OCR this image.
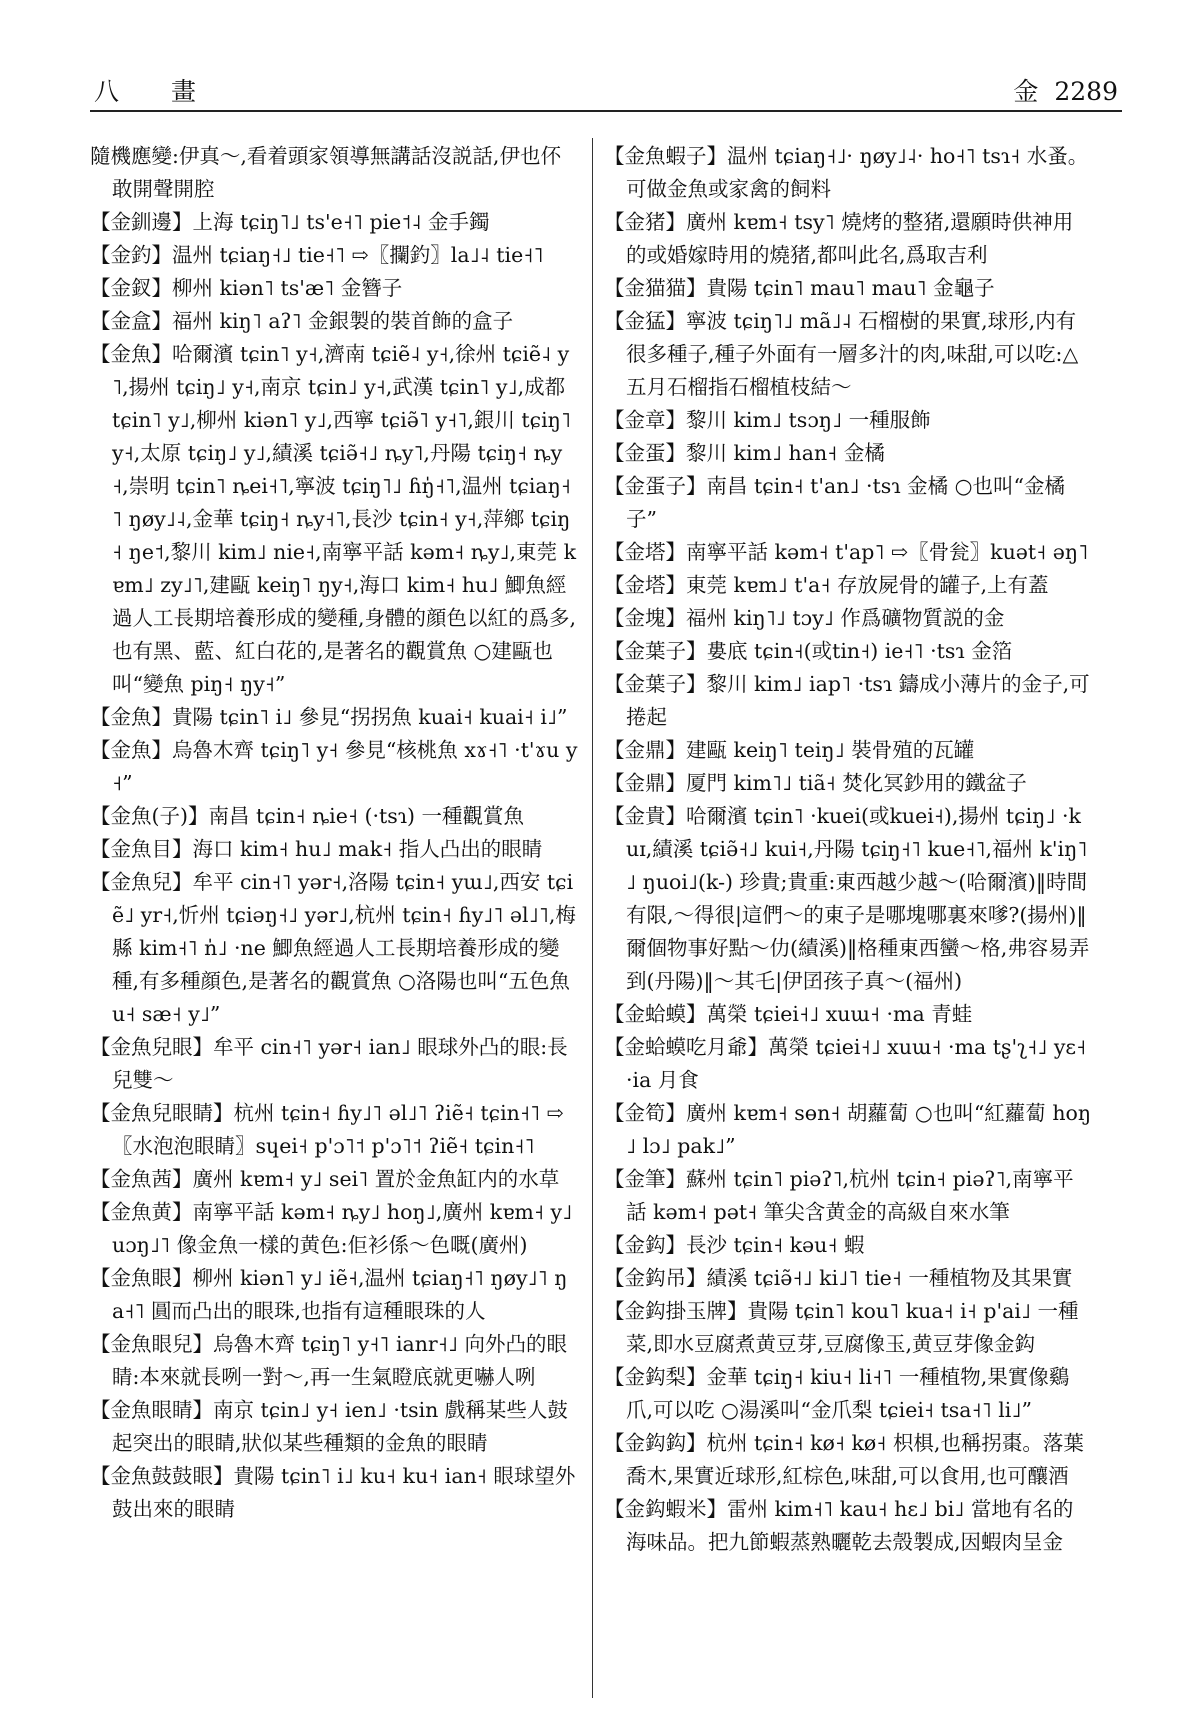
八 畫	金 2289

隨機應變:伊真～,看着頭家領導無講話沒説話,伊也伓敢開聲開腔

【金釧邊】上海 tɕiŋ˥˩ ts'e˧˥ pie˦˨ 金手鐲

【金釣】温州 tɕiaŋ˧˩ tie˧˥ ⇨〖攔釣〗la˩˨ tie˧˥

【金釵】柳州 kiən˥ ts'æ˥ 金簪子

【金盒】福州 kiŋ˥ aʔ˥ 金銀製的裝首飾的盒子

【金魚】哈爾濱 tɕin˥ y˧,濟南 tɕiẽ˨ y˧,徐州 tɕiẽ˨ y˥,揚州 tɕiŋ˩ y˧,南京 tɕin˩ y˧,武漢 tɕin˥ y˩,成都 tɕin˥ y˩,柳州 kiən˥ y˩,西寧 tɕiə̃˥ y˧˥,銀川 tɕiŋ˥ y˧,太原 tɕiŋ˩ y˩,績溪 tɕiə̃˧˩ ȵy˥,丹陽 tɕiŋ˧ ȵy˧,崇明 tɕin˥ ȵei˧˥,寧波 tɕiŋ˥˩ ɦŋ̍˧˥,温州 tɕiaŋ˧˥ ŋøy˩˨,金華 tɕiŋ˧ ȵy˧˥,長沙 tɕin˧ y˧,萍鄉 tɕiŋ˧ ŋe˦,黎川 kim˩ nie˧,南寧平話 kəm˧ ȵy˩,東莞 kɐm˩ zy˩˥,建甌 keiŋ˥ ŋy˧,海口 kim˧ hu˩ 鯽魚經過人工長期培養形成的變種,身體的顔色以紅的爲多,也有黑、藍、紅白花的,是著名的觀賞魚 ○建甌也叫“變魚 piŋ˧ ŋy˧”

【金魚】貴陽 tɕin˥ i˩ 參見“拐拐魚 kuai˧ kuai˧ i˩”

【金魚】烏魯木齊 tɕiŋ˥ y˧ 參見“核桃魚 xɤ˧˥ ·t'ɤu y˧”

【金魚(子)】南昌 tɕin˧ ȵie˧ (·tsɿ) 一種觀賞魚

【金魚目】海口 kim˧ hu˩ mak˧ 指人凸出的眼睛

【金魚兒】牟平 cin˧˥ yər˧,洛陽 tɕin˧ yɯ˩,西安 tɕiẽ˩ yr˧,忻州 tɕiəŋ˧˩ yər˩,杭州 tɕin˧ ɦy˩˥ əl˩˥,梅縣 kim˧˥ n̍˩ ·ne 鯽魚經過人工長期培養形成的變種,有多種顔色,是著名的觀賞魚 ○洛陽也叫“五色魚 u˧ sæ˧ y˩”

【金魚兒眼】牟平 cin˧˥ yər˧ ian˩ 眼球外凸的眼:長兒雙～

【金魚兒眼睛】杭州 tɕin˧ ɦy˩˥ əl˩˥ ʔiẽ˧ tɕin˧˥ ⇨〖水泡泡眼睛〗sɥei˧ p'ɔ˥˦ p'ɔ˥˦ ʔiẽ˧ tɕin˧˥

【金魚茜】廣州 kɐm˧ y˩ sei˥ 置於金魚缸内的水草

【金魚黄】南寧平話 kəm˧ ȵy˩ hoŋ˩,廣州 kɐm˧ y˩ uɔŋ˩˥ 像金魚一樣的黄色:佢衫係～色嘅(廣州)

【金魚眼】柳州 kiən˥ y˩ iẽ˧,温州 tɕiaŋ˧˥ ŋøy˩˥ ŋa˧˥ 圓而凸出的眼珠,也指有這種眼珠的人

【金魚眼兒】烏魯木齊 tɕiŋ˥ y˧˥ ianr˧˩ 向外凸的眼睛:本來就長咧一對～,再一生氣瞪底就更嚇人咧

【金魚眼睛】南京 tɕin˩ y˧ ien˩ ·tsin 戲稱某些人鼓起突出的眼睛,狀似某些種類的金魚的眼睛

【金魚鼓鼓眼】貴陽 tɕin˥ i˩ ku˧ ku˧ ian˧ 眼球望外鼓出來的眼睛

【金魚蝦子】温州 tɕiaŋ˧˩· ŋøy˩˨· ho˧˥ tsɿ˧ 水蚤。可做金魚或家禽的飼料

【金猪】廣州 kɐm˧ tsy˥ 燒烤的整猪,還願時供神用的或婚嫁時用的燒猪,都叫此名,爲取吉利

【金猫猫】貴陽 tɕin˥ mau˥ mau˥ 金龜子

【金猛】寧波 tɕiŋ˥˩ mã˩˨ 石榴樹的果實,球形,内有很多種子,種子外面有一層多汁的肉,味甜,可以吃:△五月石榴指石榴植枝結～

【金章】黎川 kim˩ tsɔŋ˩ 一種服飾

【金蛋】黎川 kim˩ han˧ 金橘

【金蛋子】南昌 tɕin˧ t'an˩ ·tsɿ 金橘 ○也叫“金橘子”

【金塔】南寧平話 kəm˧ t'ap˥ ⇨〖骨瓮〗kuət˧ əŋ˥

【金塔】東莞 kɐm˩ t'a˧ 存放屍骨的罐子,上有蓋

【金塊】福州 kiŋ˥˩ tɔy˩ 作爲礦物質説的金

【金葉子】婁底 tɕin˧(或tin˧) ie˧˥ ·tsɿ 金箔

【金葉子】黎川 kim˩ iap˥ ·tsɿ 鑄成小薄片的金子,可捲起

【金鼎】建甌 keiŋ˥ teiŋ˩ 裝骨殖的瓦罐

【金鼎】厦門 kim˥˩ tiã˧ 焚化冥鈔用的鐵盆子

【金貴】哈爾濱 tɕin˥ ·kuei(或kuei˧),揚州 tɕiŋ˩ ·kuɪ,績溪 tɕiə̃˧˩ kui˧,丹陽 tɕiŋ˧˥ kue˧˥,福州 k'iŋ˥˩ ŋuoi˩(k-) 珍貴;貴重:東西越少越～(哈爾濱)‖時間有限,～得很|這們～的東子是哪塊哪裏來嗲?(揚州)‖爾個物事好點～仂(績溪)‖格種東西蠻～格,弗容易弄到(丹陽)‖～其乇|伊囝孩子真～(福州)

【金蛤蟆】萬榮 tɕiei˧˩ xuɯ˧ ·ma 青蛙

【金蛤蟆吃月爺】萬榮 tɕiei˧˩ xuɯ˧ ·ma tʂ'ʅ˧˩ yɛ˧ ·ia 月食

【金筍】廣州 kɐm˧ sɵn˧ 胡蘿蔔 ○也叫“紅蘿蔔 hoŋ˩ lɔ˩ pak˩”

【金筆】蘇州 tɕin˥ piəʔ˥,杭州 tɕin˧ piəʔ˥,南寧平話 kəm˧ pət˧ 筆尖含黄金的高級自來水筆

【金鈎】長沙 tɕin˧ kəu˧ 蝦

【金鈎吊】績溪 tɕiə̃˧˩ ki˩˥ tie˧ 一種植物及其果實

【金鈎掛玉牌】貴陽 tɕin˥ kou˥ kua˧ i˧ p'ai˩ 一種菜,即水豆腐煮黄豆芽,豆腐像玉,黄豆芽像金鈎

【金鈎梨】金華 tɕiŋ˧ kiu˧ li˧˥ 一種植物,果實像鷄爪,可以吃 ○湯溪叫“金爪梨 tɕiei˧ tsa˧˥ li˩”

【金鈎鈎】杭州 tɕin˧ kø˧ kø˧ 枳椇,也稱拐棗。落葉喬木,果實近球形,紅棕色,味甜,可以食用,也可釀酒

【金鈎蝦米】雷州 kim˧˥ kau˧ hɛ˩ bi˩ 當地有名的海味品。把九節蝦蒸熟曬乾去殼製成,因蝦肉呈金
